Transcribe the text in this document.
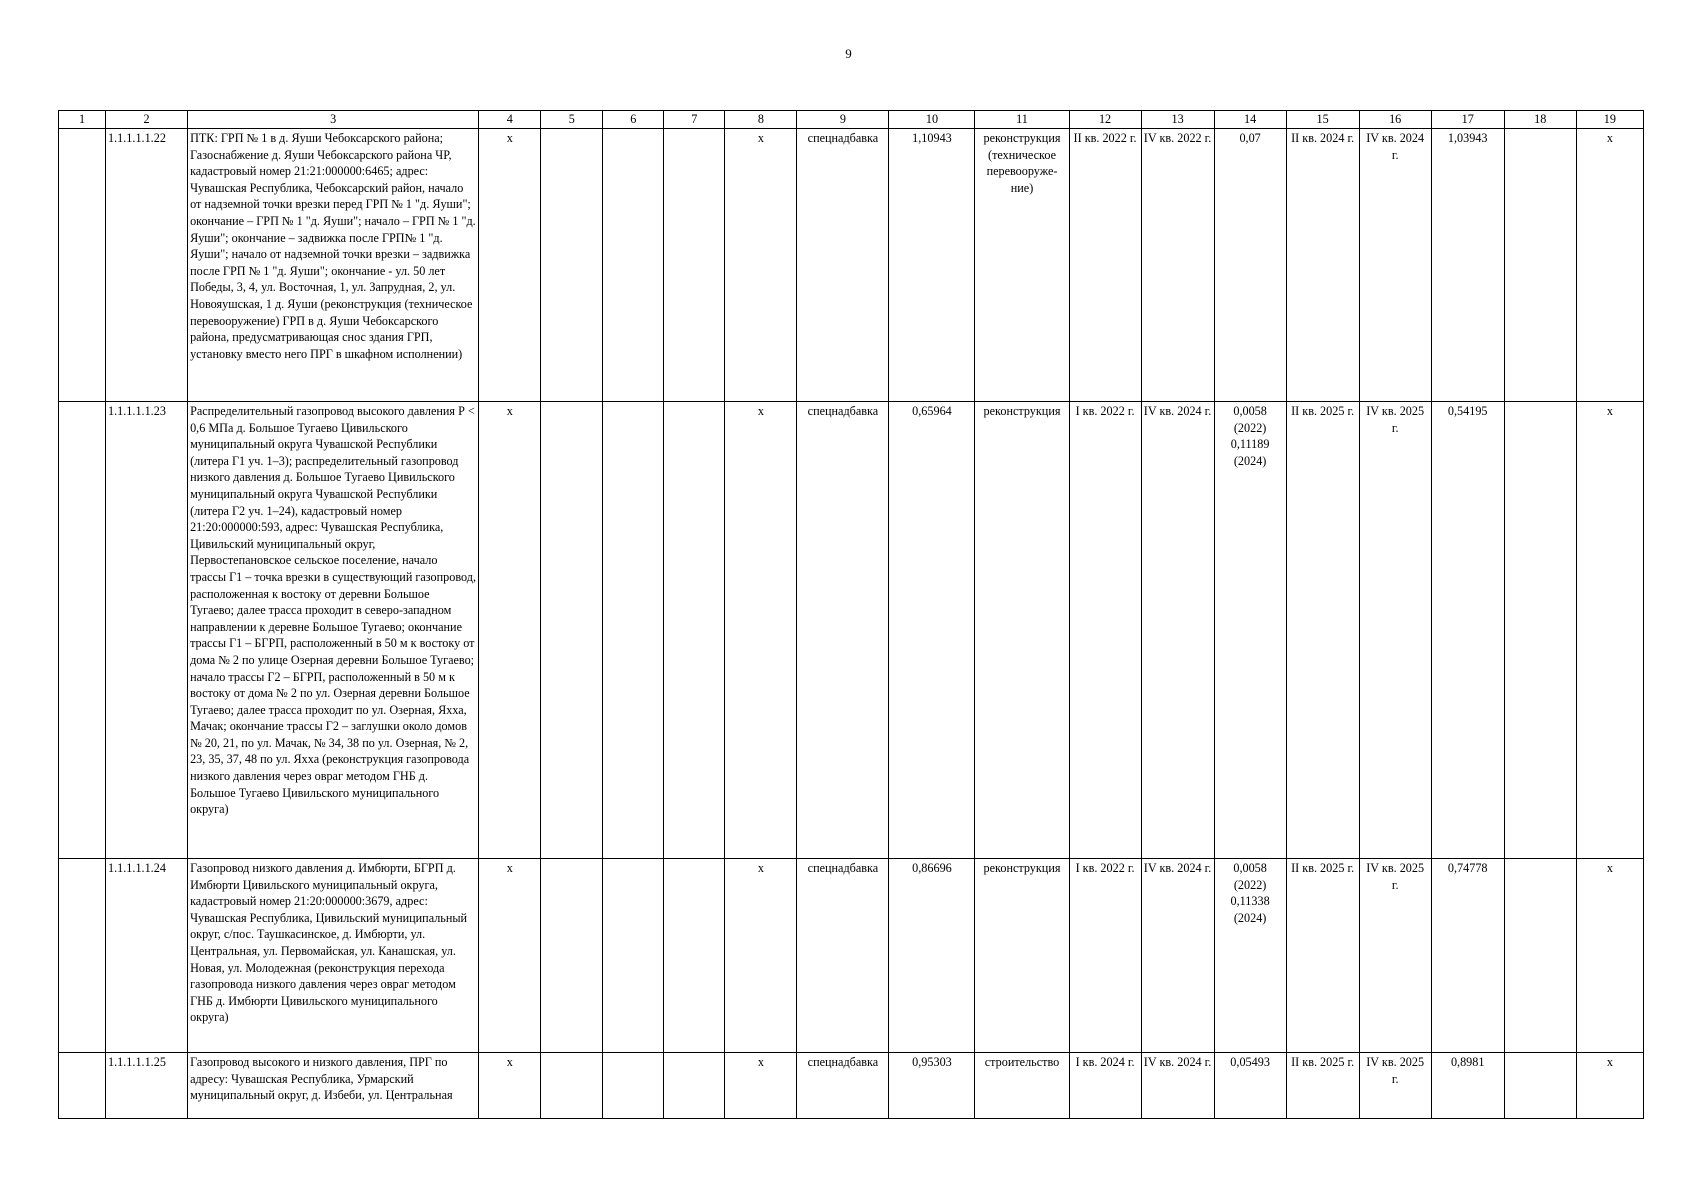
9
1	2	3	4	5	6	7	8	9	10	11	12	13	14	15	16	17	18	19
	1.1.1.1.1.22	ПТК: ГРП № 1 в д. Яуши Чебоксарского района; Газоснабжение д. Яуши Чебоксарского района ЧР, кадастровый номер 21:21:000000:6465; адрес: Чувашская Республика, Чебоксарский район, начало от надземной точки врезки перед ГРП № 1 "д. Яуши"; окончание – ГРП № 1 "д. Яуши"; начало – ГРП № 1 "д. Яуши"; окончание – задвижка после ГРП№ 1 "д. Яуши"; начало от надземной точки врезки – задвижка после ГРП № 1 "д. Яуши"; окончание - ул. 50 лет Победы, 3, 4, ул. Восточная, 1, ул. Запрудная, 2, ул. Новояушская, 1 д. Яуши (реконструкция (техническое перевооружение) ГРП в д. Яуши Чебоксарского района, предусматривающая снос здания ГРП, установку вместо него ПРГ в шкафном исполнении)	x				x	спецнадбавка	1,10943	реконструкция (техническое перевооруже-ние)	II кв. 2022 г.	IV кв. 2022 г.	0,07	II кв. 2024 г.	IV кв. 2024 г.	1,03943		x
	1.1.1.1.1.23	Распределительный газопровод высокого давления Р < 0,6 МПа д. Большое Тугаево Цивильского муниципальный округа Чувашской Республики (литера Г1 уч. 1–3); распределительный газопровод низкого давления д. Большое Тугаево Цивильского муниципальный округа Чувашской Республики (литера Г2 уч. 1–24), кадастровый номер 21:20:000000:593, адрес: Чувашская Республика, Цивильский муниципальный округ, Первостепановское сельское поселение, начало трассы Г1 – точка врезки в существующий газопровод, расположенная к востоку от деревни Большое Тугаево; далее трасса проходит в северо-западном направлении к деревне Большое Тугаево; окончание трассы Г1 – БГРП, расположенный в 50 м к востоку от дома № 2 по улице Озерная деревни Большое Тугаево; начало трассы Г2 – БГРП, расположенный в 50 м к востоку от дома № 2 по ул. Озерная деревни Большое Тугаево; далее трасса проходит по ул. Озерная, Яхха, Мачак; окончание трассы Г2 – заглушки около домов № 20, 21, по ул. Мачак, № 34, 38 по ул. Озерная, № 2, 23, 35, 37, 48 по ул. Яхха (реконструкция газопровода низкого давления через овраг методом ГНБ д. Большое Тугаево Цивильского муниципального округа)	x				x	спецнадбавка	0,65964	реконструкция	I кв. 2022 г.	IV кв. 2024 г.	0,0058 (2022) 0,11189 (2024)	II кв. 2025 г.	IV кв. 2025 г.	0,54195		x
	1.1.1.1.1.24	Газопровод низкого давления д. Имбюрти, БГРП д. Имбюрти Цивильского муниципальный округа, кадастровый номер 21:20:000000:3679, адрес: Чувашская Республика, Цивильский муниципальный округ, с/пос. Таушкасинское, д. Имбюрти, ул. Центральная, ул. Первомайская, ул. Канашская, ул. Новая, ул. Молодежная (реконструкция перехода газопровода низкого давления через овраг методом ГНБ д. Имбюрти Цивильского муниципального округа)	x				x	спецнадбавка	0,86696	реконструкция	I кв. 2022 г.	IV кв. 2024 г.	0,0058 (2022) 0,11338 (2024)	II кв. 2025 г.	IV кв. 2025 г.	0,74778		x
	1.1.1.1.1.25	Газопровод высокого и низкого давления, ПРГ по адресу: Чувашская Республика, Урмарский муниципальный округ, д. Избеби, ул. Центральная	x				x	спецнадбавка	0,95303	строительство	I кв. 2024 г.	IV кв. 2024 г.	0,05493	II кв. 2025 г.	IV кв. 2025 г.	0,8981		x
